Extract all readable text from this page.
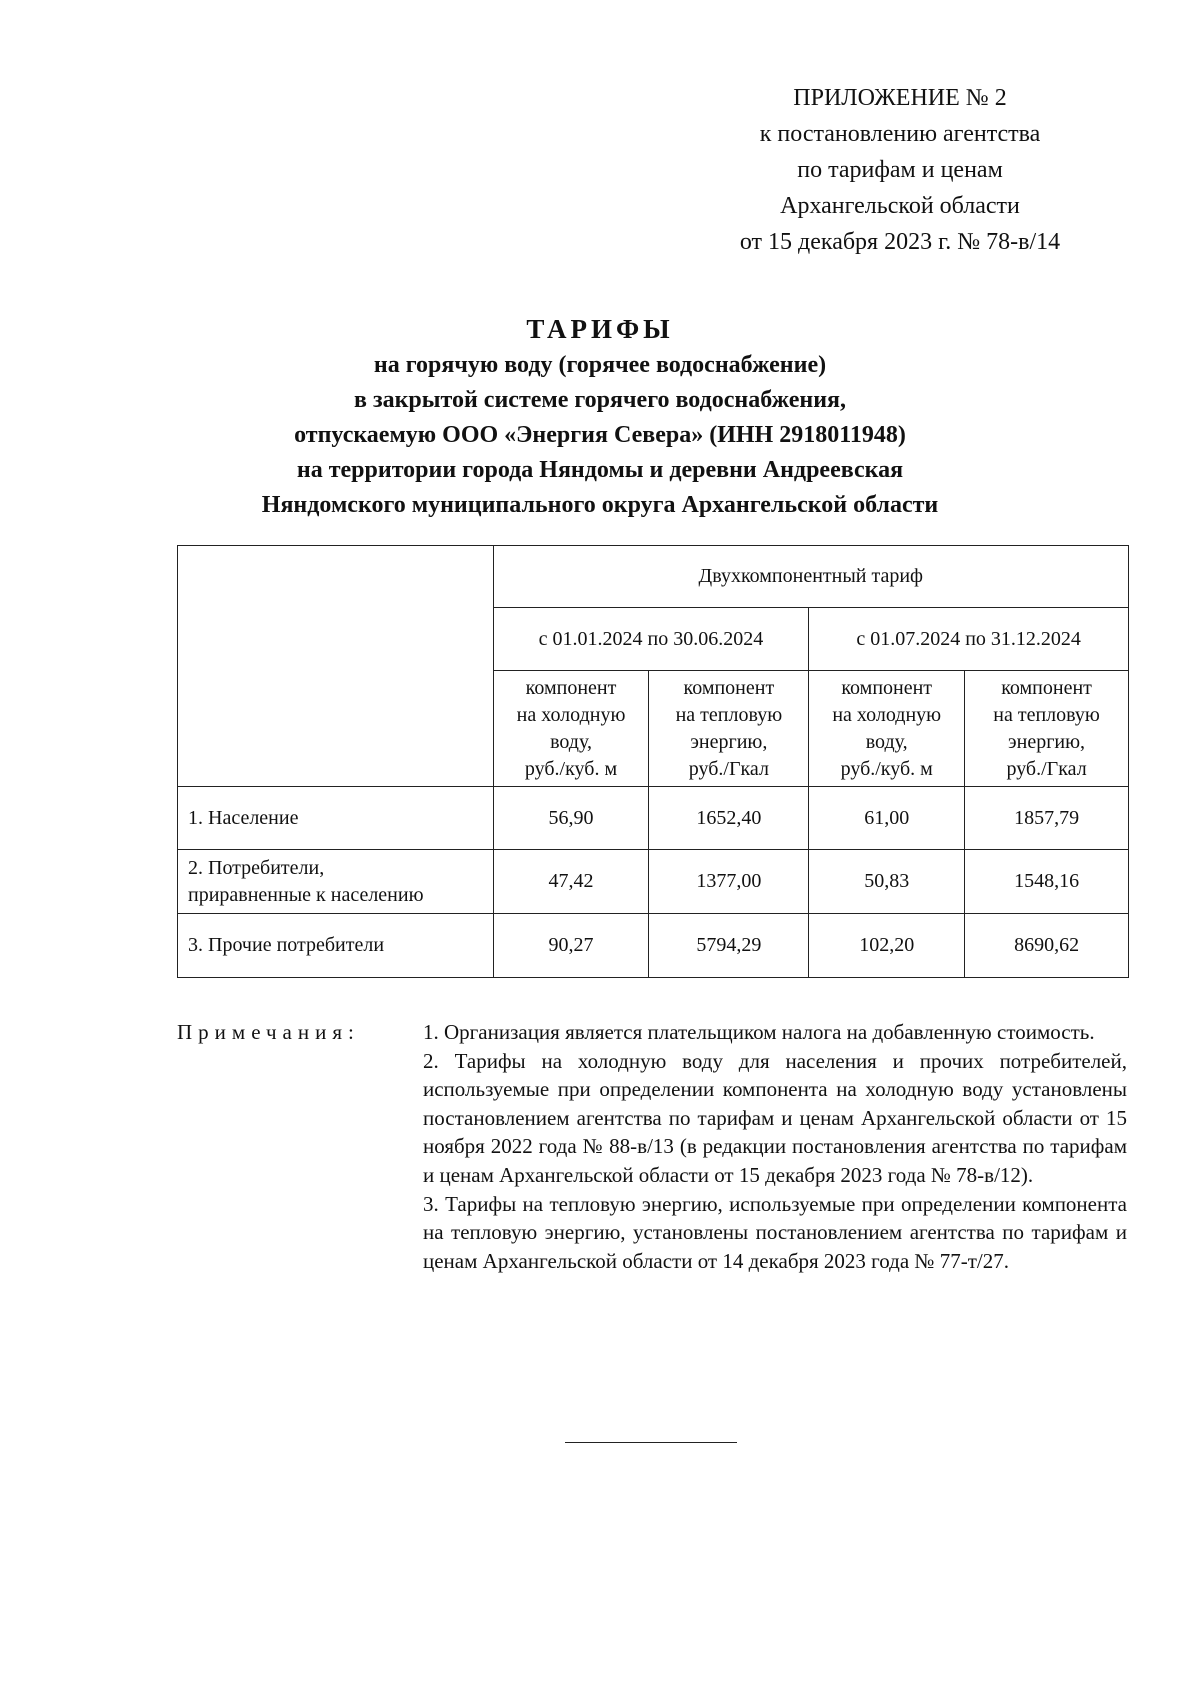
ПРИЛОЖЕНИЕ № 2
к постановлению агентства
по тарифам и ценам
Архангельской области
от 15 декабря 2023 г. № 78-в/14
ТАРИФЫ
на горячую воду (горячее водоснабжение)
в закрытой системе горячего водоснабжения,
отпускаемую ООО «Энергия Севера» (ИНН 2918011948)
на территории города Няндомы и деревни Андреевская
Няндомского муниципального округа Архангельской области
	Двухкомпонентный тариф			
	с 01.01.2024 по 30.06.2024		с 01.07.2024 по 31.12.2024	

	компонент
на холодную
воду,
руб./куб. м	компонент
на тепловую
энергию,
руб./Гкал	компонент
на холодную
воду,
руб./куб. м	компонент
на тепловую
энергию,
руб./Гкал

1. Население	56,90	1652,40	61,00	1857,79

2. Потребители,
приравненные к населению	47,42	1377,00	50,83	1548,16

3. Прочие потребители	90,27	5794,29	102,20	8690,62
Примечания:	1. Организация является плательщиком налога на добавленную стоимость.

2. Тарифы на холодную воду для населения и прочих потребителей, используемые при определении компонента на холодную воду установлены постановлением агентства по тарифам и ценам Архангельской области от 15 ноября 2022 года № 88-в/13 (в редакции постановления агентства по тарифам и ценам Архангельской области от 15 декабря 2023 года № 78-в/12).

3. Тарифы на тепловую энергию, используемые при определении компонента на тепловую энергию, установлены постановлением агентства по тарифам и ценам Архангельской области от 14 декабря 2023 года № 77-т/27.
